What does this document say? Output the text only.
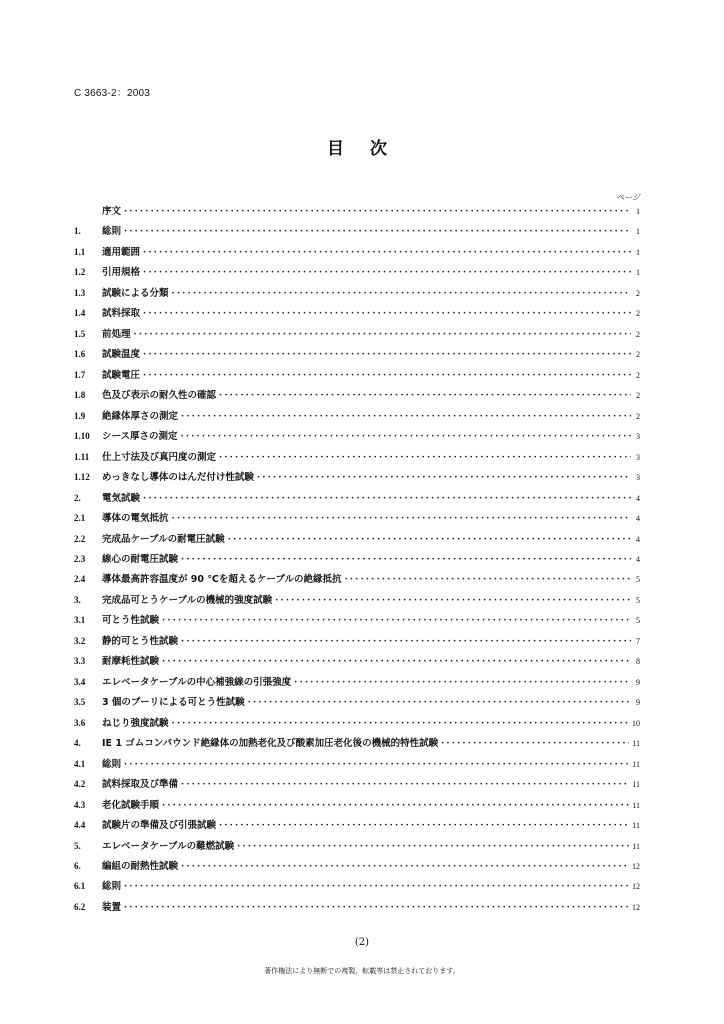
C 3663-2：2003
目 次
ページ
序文 ·····	1
1.	総則 ·····	1
1.1	適用範囲 ·····	1
1.2	引用規格 ·····	1
1.3	試験による分類 ·····	2
1.4	試料採取 ·····	2
1.5	前処理 ·····	2
1.6	試験温度 ·····	2
1.7	試験電圧 ·····	2
1.8	色及び表示の耐久性の確認 ·····	2
1.9	絶縁体厚さの測定 ·····	2
1.10	シース厚さの測定 ·····	3
1.11	仕上寸法及び真円度の測定 ·····	3
1.12	めっきなし導体のはんだ付け性試験 ·····	3
2.	電気試験 ·····	4
2.1	導体の電気抵抗 ·····	4
2.2	完成品ケーブルの耐電圧試験 ·····	4
2.3	線心の耐電圧試験 ·····	4
2.4	導体最高許容温度が 90 ℃を超えるケーブルの絶縁抵抗 ·····	5
3.	完成品可とうケーブルの機械的強度試験 ·····	5
3.1	可とう性試験 ·····	5
3.2	静的可とう性試験 ·····	7
3.3	耐摩耗性試験 ·····	8
3.4	エレベータケーブルの中心補強線の引張強度 ·····	9
3.5	3 個のプーリによる可とう性試験 ·····	9
3.6	ねじり強度試験 ·····	10
4.	IE 1 ゴムコンパウンド絶縁体の加熱老化及び酸素加圧老化後の機械的特性試験 ·····	11
4.1	総則 ·····	11
4.2	試料採取及び準備 ·····	11
4.3	老化試験手順 ·····	11
4.4	試験片の準備及び引張試験 ·····	11
5.	エレベータケーブルの難燃試験 ·····	11
6.	編組の耐熱性試験 ·····	12
6.1	総則 ·····	12
6.2	装置 ·····	12
(2)
著作権法により無断での複製，転載等は禁止されております。
